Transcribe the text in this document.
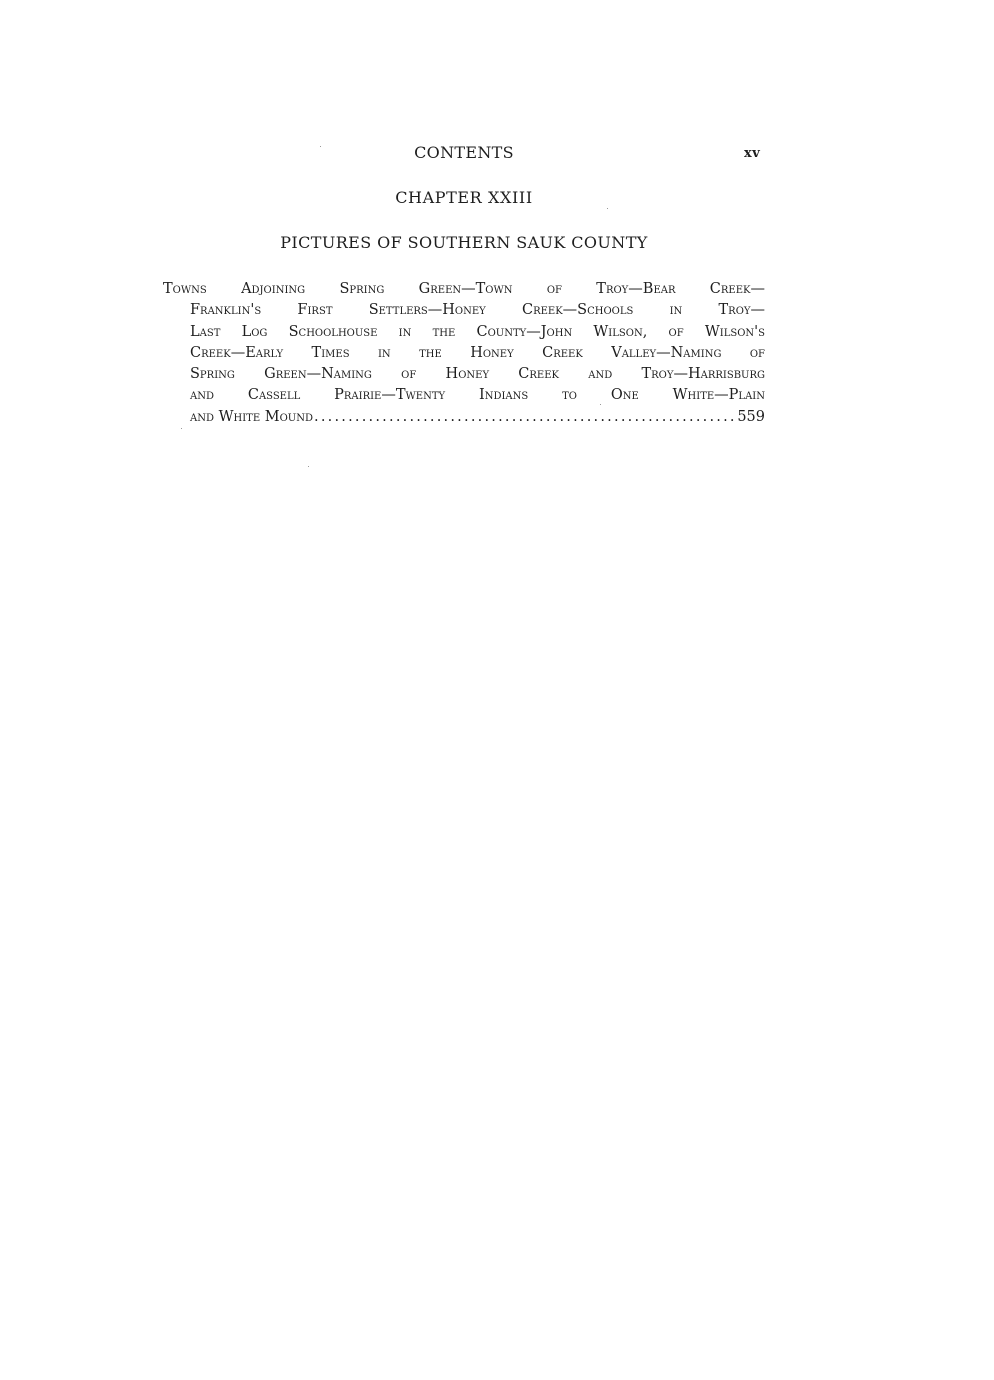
CONTENTS	xv
CHAPTER XXIII
PICTURES OF SOUTHERN SAUK COUNTY
Towns Adjoining Spring Green—Town of Troy—Bear Creek—
Franklin's First Settlers—Honey Creek—Schools in Troy—
Last Log Schoolhouse in the County—John Wilson, of Wilson's
Creek—Early Times in the Honey Creek Valley—Naming of
Spring Green—Naming of Honey Creek and Troy—Harrisburg
and Cassell Prairie—Twenty Indians to One White—Plain
and White Mound
. . .	559
